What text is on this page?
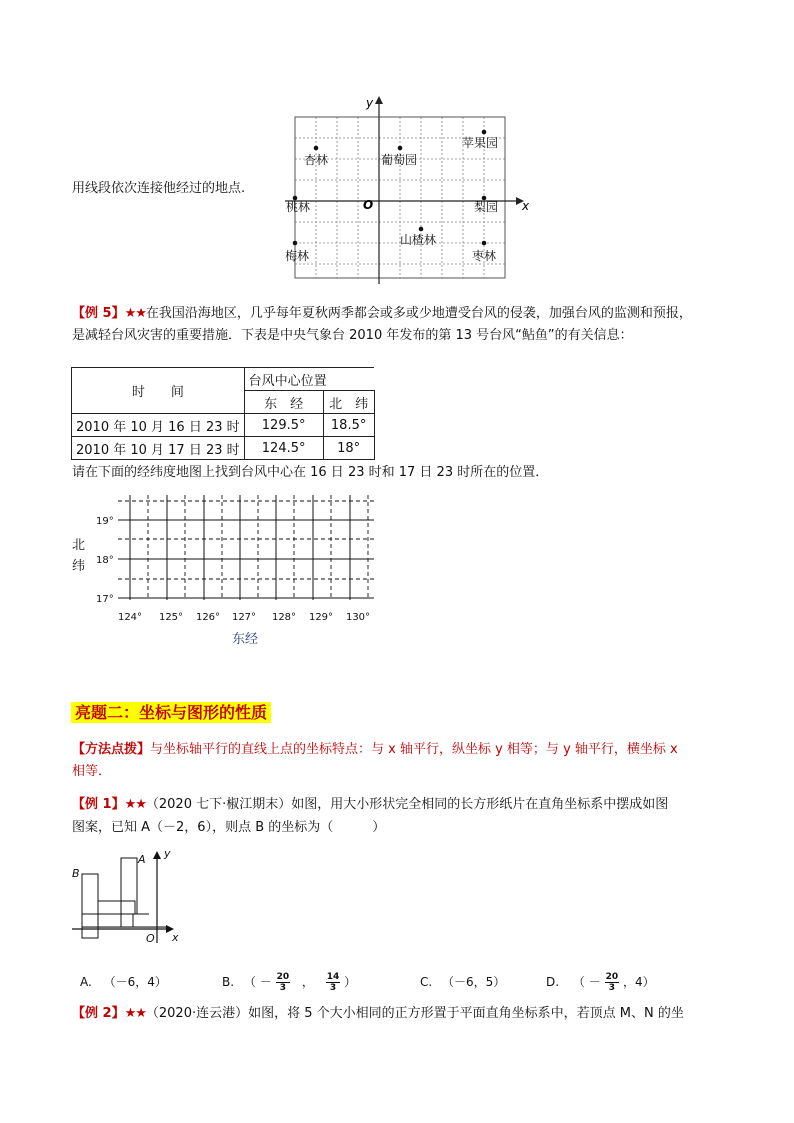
用线段依次连接他经过的地点.
x
y
O
杏林	葡萄园
苹果园
桃林	梨园
山楂林
梅林	枣林
【例 5】★★在我国沿海地区，几乎每年夏秋两季都会或多或少地遭受台风的侵袭，加强台风的监测和预报，
是减轻台风灾害的重要措施．下表是中央气象台 2010 年发布的第 13 号台风“鲇鱼”的有关信息：
时　　间	台风中心位置	
	东　经	北　纬
2010 年 10 月 16 日 23 时	129.5°	18.5°
2010 年 10 月 17 日 23 时	124.5°	18°
请在下面的经纬度地图上找到台风中心在 16 日 23 时和 17 日 23 时所在的位置．
19°
18°
17°
北
纬
124° 125° 126° 127° 128° 129° 130°
东经
亮题二：坐标与图形的性质
【方法点拨】与坐标轴平行的直线上点的坐标特点：与 x 轴平行，纵坐标 y 相等；与 y 轴平行，横坐标 x
相等．
【例 1】★★（2020 七下·椒江期末）如图，用大小形状完全相同的长方形纸片在直角坐标系中摆成如图
图案，已知 A（－2，6），则点 B 的坐标为（　　　）
A
B
O x
y
A. （－6，4）	B. （ － $\frac{20}{3}$ ， $\frac{14}{3}$ ）	C. （－6，5）	D. （ － $\frac{20}{3}$ ，4）
【例 2】★★（2020·连云港）如图，将 5 个大小相同的正方形置于平面直角坐标系中，若顶点 M、N 的坐
